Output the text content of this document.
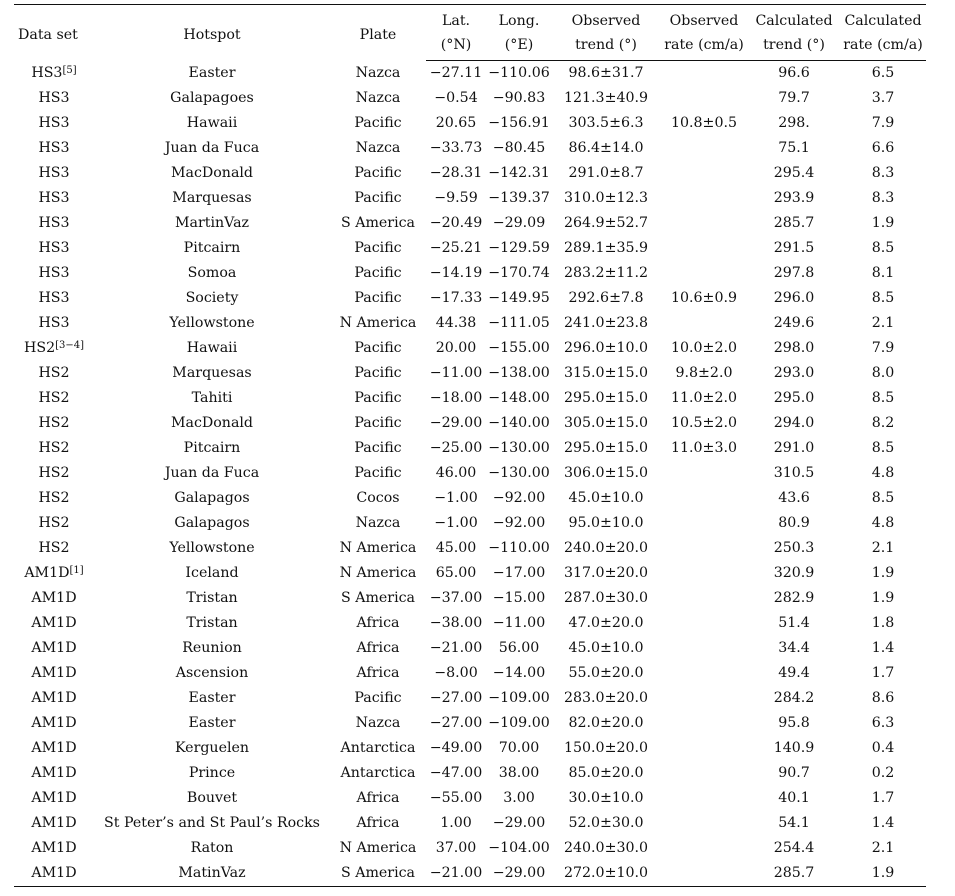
Data set	Hotspot	Plate	Lat.	Long.	Observed	Observed	Calculated	Calculated
			(°N)	(°E)	trend (°)	rate (cm/a)	trend (°)	rate (cm/a)
HS3[5]	Easter	Nazca	−27.11	−110.06	98.6±31.7		96.6	6.5
HS3	Galapagoes	Nazca	−0.54	−90.83	121.3±40.9		79.7	3.7
HS3	Hawaii	Pacific	20.65	−156.91	303.5±6.3	10.8±0.5	298.	7.9
HS3	Juan da Fuca	Nazca	−33.73	−80.45	86.4±14.0		75.1	6.6
HS3	MacDonald	Pacific	−28.31	−142.31	291.0±8.7		295.4	8.3
HS3	Marquesas	Pacific	−9.59	−139.37	310.0±12.3		293.9	8.3
HS3	MartinVaz	S America	−20.49	−29.09	264.9±52.7		285.7	1.9
HS3	Pitcairn	Pacific	−25.21	−129.59	289.1±35.9		291.5	8.5
HS3	Somoa	Pacific	−14.19	−170.74	283.2±11.2		297.8	8.1
HS3	Society	Pacific	−17.33	−149.95	292.6±7.8	10.6±0.9	296.0	8.5
HS3	Yellowstone	N America	44.38	−111.05	241.0±23.8		249.6	2.1
HS2[3−4]	Hawaii	Pacific	20.00	−155.00	296.0±10.0	10.0±2.0	298.0	7.9
HS2	Marquesas	Pacific	−11.00	−138.00	315.0±15.0	9.8±2.0	293.0	8.0
HS2	Tahiti	Pacific	−18.00	−148.00	295.0±15.0	11.0±2.0	295.0	8.5
HS2	MacDonald	Pacific	−29.00	−140.00	305.0±15.0	10.5±2.0	294.0	8.2
HS2	Pitcairn	Pacific	−25.00	−130.00	295.0±15.0	11.0±3.0	291.0	8.5
HS2	Juan da Fuca	Pacific	46.00	−130.00	306.0±15.0		310.5	4.8
HS2	Galapagos	Cocos	−1.00	−92.00	45.0±10.0		43.6	8.5
HS2	Galapagos	Nazca	−1.00	−92.00	95.0±10.0		80.9	4.8
HS2	Yellowstone	N America	45.00	−110.00	240.0±20.0		250.3	2.1
AM1D[1]	Iceland	N America	65.00	−17.00	317.0±20.0		320.9	1.9
AM1D	Tristan	S America	−37.00	−15.00	287.0±30.0		282.9	1.9
AM1D	Tristan	Africa	−38.00	−11.00	47.0±20.0		51.4	1.8
AM1D	Reunion	Africa	−21.00	56.00	45.0±10.0		34.4	1.4
AM1D	Ascension	Africa	−8.00	−14.00	55.0±20.0		49.4	1.7
AM1D	Easter	Pacific	−27.00	−109.00	283.0±20.0		284.2	8.6
AM1D	Easter	Nazca	−27.00	−109.00	82.0±20.0		95.8	6.3
AM1D	Kerguelen	Antarctica	−49.00	70.00	150.0±20.0		140.9	0.4
AM1D	Prince	Antarctica	−47.00	38.00	85.0±20.0		90.7	0.2
AM1D	Bouvet	Africa	−55.00	3.00	30.0±10.0		40.1	1.7
AM1D	St Peter’s and St Paul’s Rocks	Africa	1.00	−29.00	52.0±30.0		54.1	1.4
AM1D	Raton	N America	37.00	−104.00	240.0±30.0		254.4	2.1
AM1D	MatinVaz	S America	−21.00	−29.00	272.0±10.0		285.7	1.9
